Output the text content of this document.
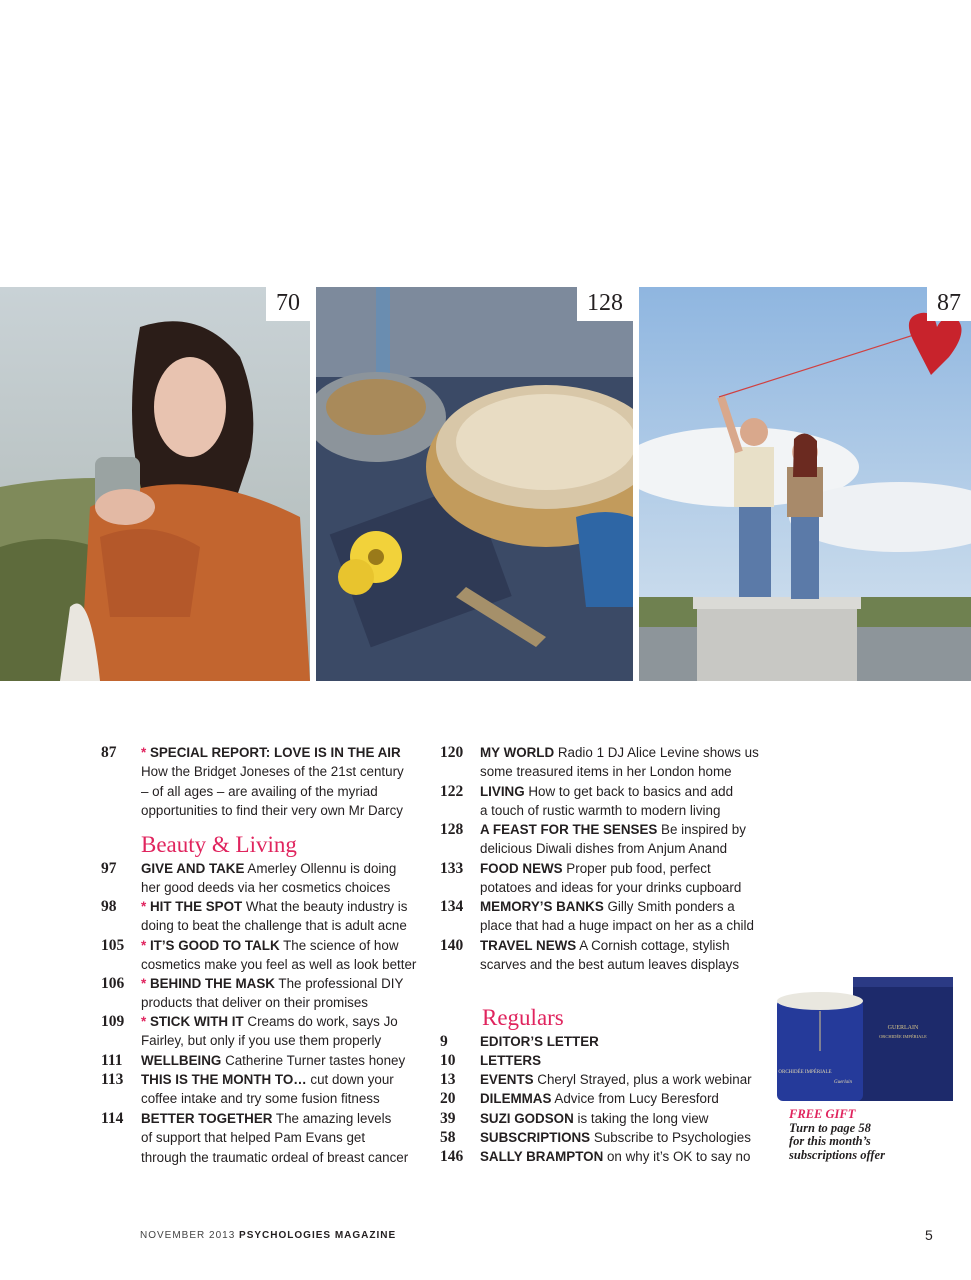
70	128	87
87	* SPECIAL REPORT: LOVE IS IN THE AIR
How the Bridget Joneses of the 21st century
– of all ages – are availing of the myriad
opportunities to find their very own Mr Darcy
Beauty & Living
97	GIVE AND TAKE Amerley Ollennu is doing
her good deeds via her cosmetics choices
98	* HIT THE SPOT What the beauty industry is
doing to beat the challenge that is adult acne
105	* IT’S GOOD TO TALK The science of how
cosmetics make you feel as well as look better
106	* BEHIND THE MASK The professional DIY
products that deliver on their promises
109	* STICK WITH IT Creams do work, says Jo
Fairley, but only if you use them properly
111	WELLBEING Catherine Turner tastes honey
113	THIS IS THE MONTH TO… cut down your
coffee intake and try some fusion fitness
114	BETTER TOGETHER The amazing levels
of support that helped Pam Evans get
through the traumatic ordeal of breast cancer
120	MY WORLD Radio 1 DJ Alice Levine shows us
some treasured items in her London home
122	LIVING How to get back to basics and add
a touch of rustic warmth to modern living
128	A FEAST FOR THE SENSES Be inspired by
delicious Diwali dishes from Anjum Anand
133	FOOD NEWS Proper pub food, perfect
potatoes and ideas for your drinks cupboard
134	MEMORY’S BANKS Gilly Smith ponders a
place that had a huge impact on her as a child
140	TRAVEL NEWS A Cornish cottage, stylish
scarves and the best autum leaves displays
Regulars
9	EDITOR’S LETTER
10	LETTERS
13	EVENTS Cheryl Strayed, plus a work webinar
20	DILEMMAS Advice from Lucy Beresford
39	SUZI GODSON is taking the long view
58	SUBSCRIPTIONS Subscribe to Psychologies
146	SALLY BRAMPTON on why it’s OK to say no
GUERLAIN
ORCHIDÉE IMPÉRIALE
ORCHIDÉE IMPÉRIALE
Guerlain
FREE GIFT
Turn to page 58
for this month’s
subscriptions offer
NOVEMBER 2013 PSYCHOLOGIES MAGAZINE	5
